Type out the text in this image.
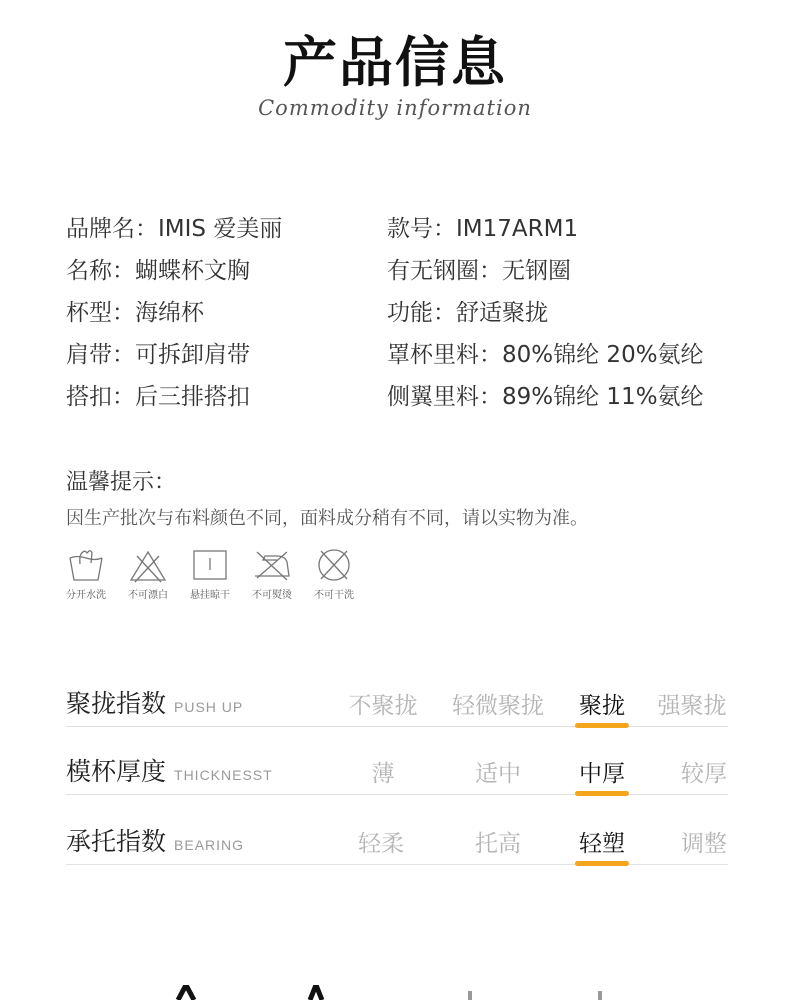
产品信息
Commodity information
品牌名：IMIS 爱美丽	款号：IM17ARM1
名称：蝴蝶杯文胸	有无钢圈：无钢圈
杯型：海绵杯	功能：舒适聚拢
肩带：可拆卸肩带	罩杯里料：80%锦纶 20%氨纶
搭扣：后三排搭扣	侧翼里料：89%锦纶 11%氨纶
温馨提示：
因生产批次与布料颜色不同，面料成分稍有不同，请以实物为准。
分开水洗 不可漂白 悬挂晾干 不可熨烫 不可干洗
聚拢指数 PUSH UP	不聚拢 轻微聚拢 聚拢 强聚拢
模杯厚度 THICKNESST	薄	适中	中厚 较厚
承托指数 BEARING	轻柔	托高	轻塑 调整
